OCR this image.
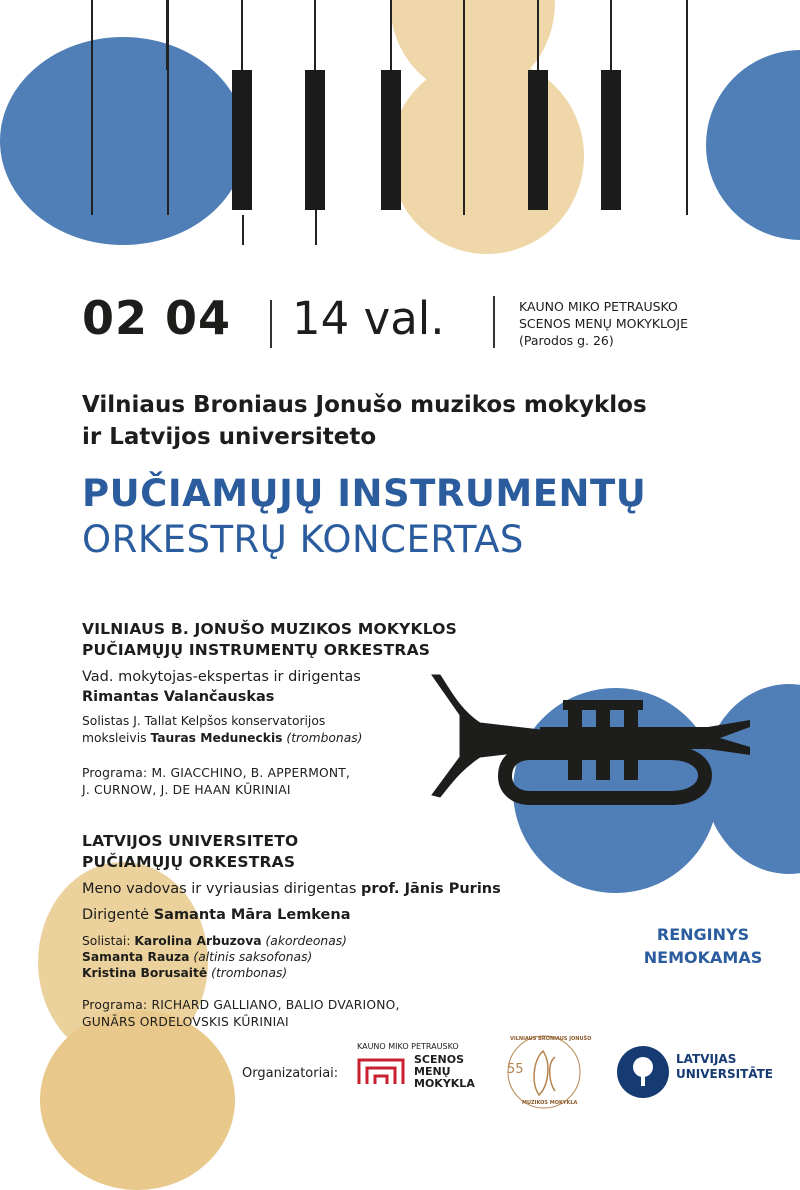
02 04 14 val.	KAUNO MIKO PETRAUSKO
SCENOS MENŲ MOKYKLOJE
(Parodos g. 26)
Vilniaus Broniaus Jonušo muzikos mokyklos
ir Latvijos universiteto
PUČIAMŲJŲ INSTRUMENTŲ
ORKESTRŲ KONCERTAS
VILNIAUS B. JONUŠO MUZIKOS MOKYKLOS
PUČIAMŲJŲ INSTRUMENTŲ ORKESTRAS
Vad. mokytojas-ekspertas ir dirigentas
Rimantas Valančauskas
Solistas J. Tallat Kelpšos konservatorijos
moksleivis Tauras Meduneckis (trombonas)
Programa: M. GIACCHINO, B. APPERMONT,
J. CURNOW, J. DE HAAN KŪRINIAI
LATVIJOS UNIVERSITETO
PUČIAMŲJŲ ORKESTRAS
Meno vadovas ir vyriausias dirigentas prof. Jānis Purins
Dirigentė Samanta Māra Lemkena
Solistai: Karolina Arbuzova (akordeonas)
Samanta Rauza (altinis saksofonas)
Kristina Borusaitė (trombonas)
Programa: RICHARD GALLIANO, BALIO DVARIONO,
GUNĀRS ORDELOVSKIS KŪRINIAI
RENGINYS
NEMOKAMAS
Organizatoriai:
KAUNO MIKO PETRAUSKO
SCENOS
MENŲ
MOKYKLA
55
VILNIAUS BRONIAUS JONUŠO
MUZIKOS MOKYKLA
LATVIJAS
UNIVERSITĀTE
